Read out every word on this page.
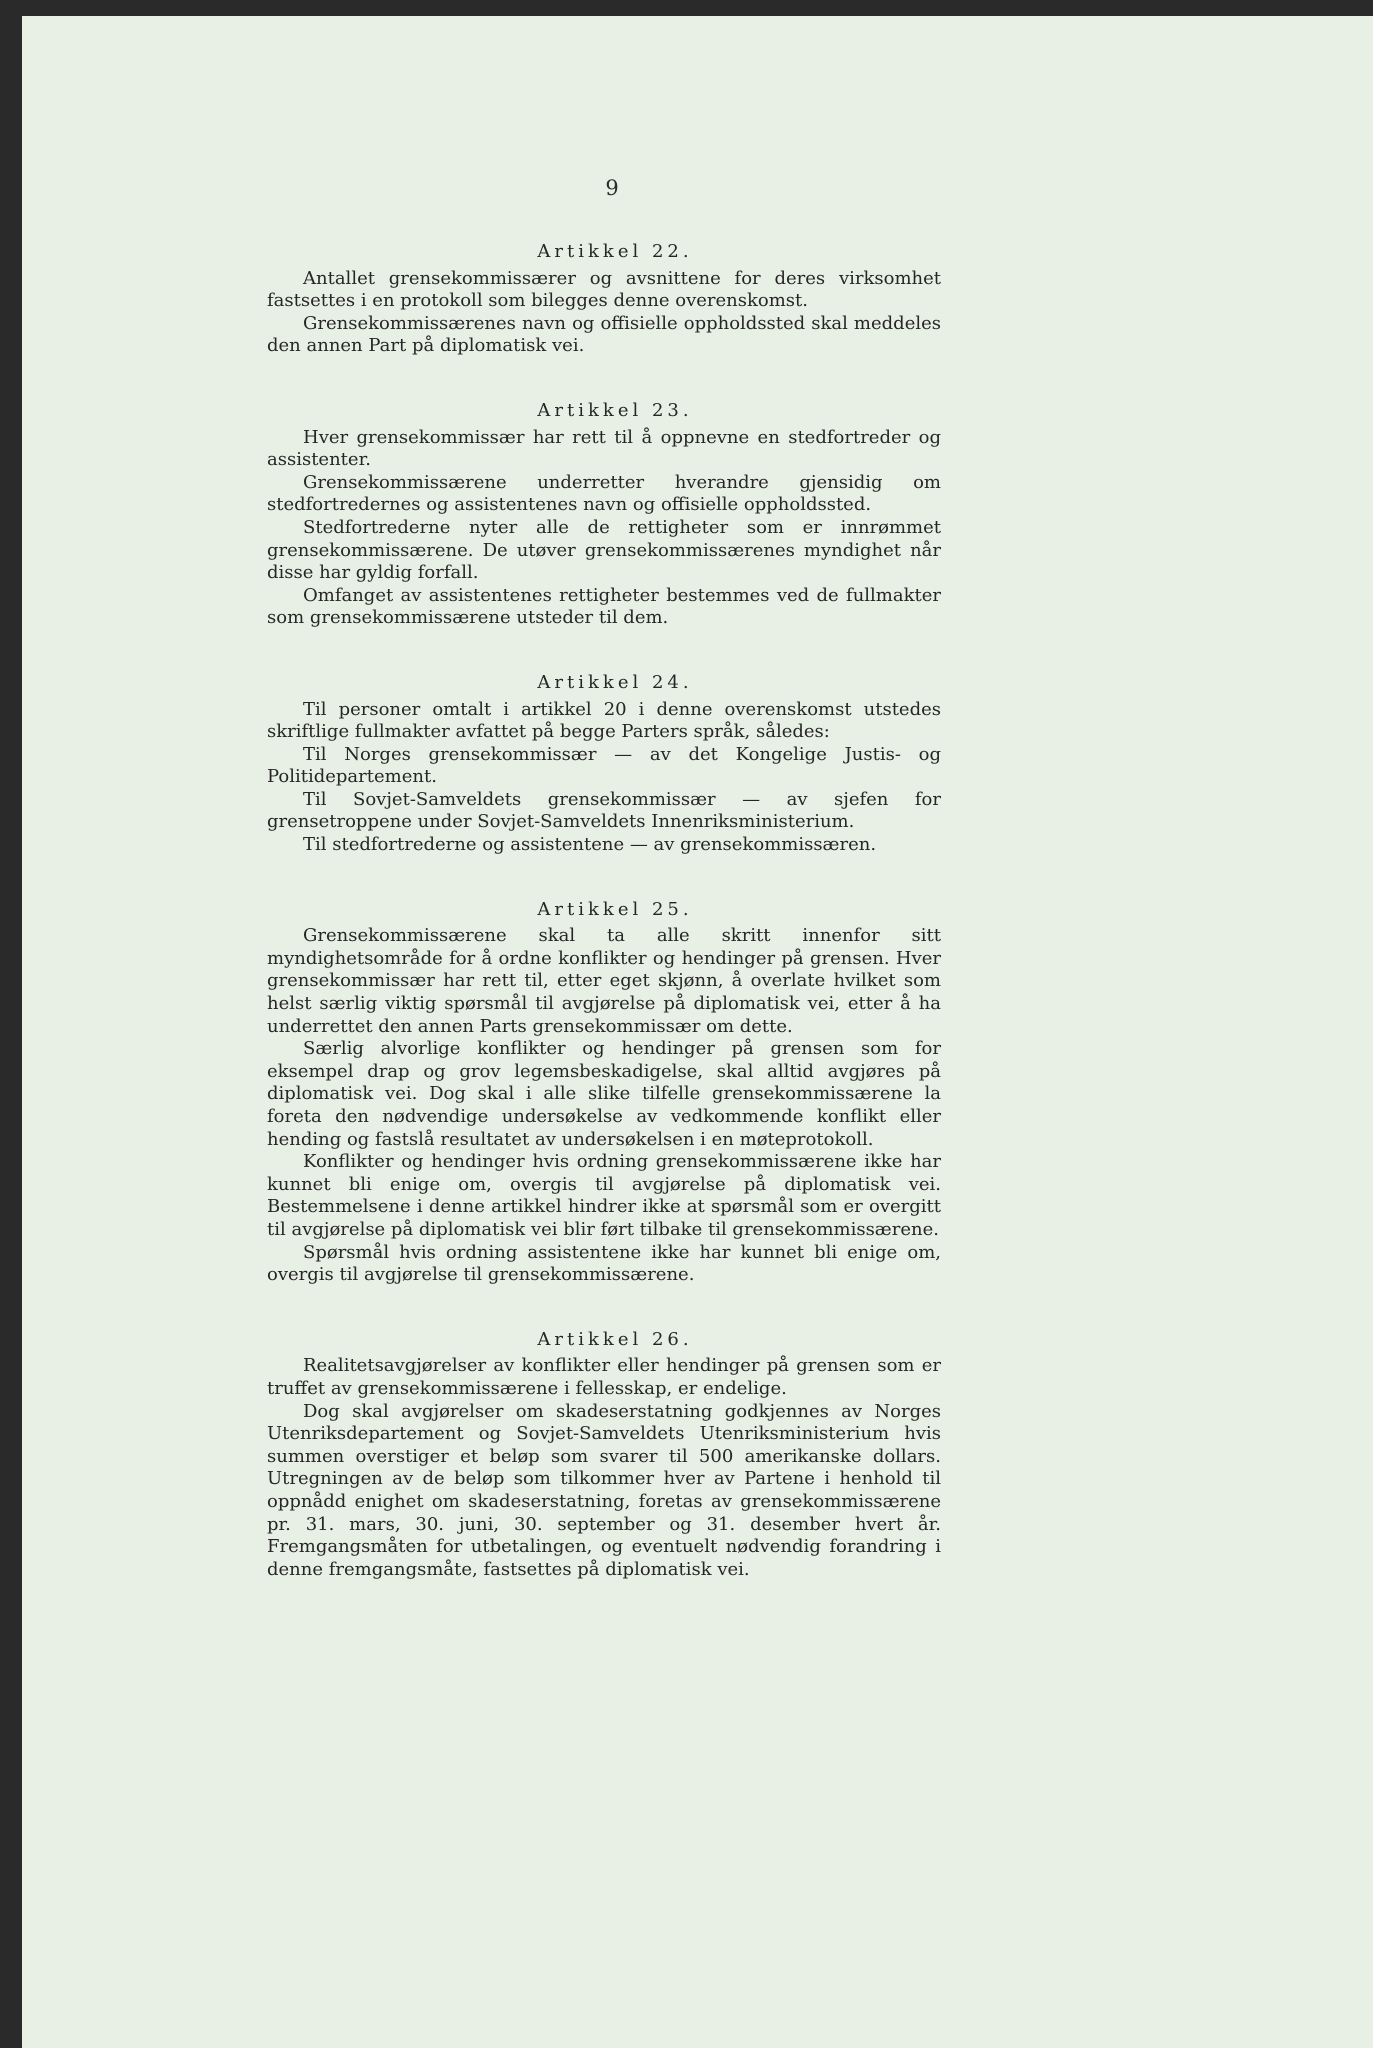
9
Artikkel 22.

Antallet grensekommissærer og avsnittene for deres virksomhet fastsettes i en protokoll som bilegges denne overenskomst.

Grensekommissærenes navn og offisielle oppholdssted skal meddeles den annen Part på diplomatisk vei.

Artikkel 23.

Hver grensekommissær har rett til å oppnevne en stedfortreder og assistenter.

Grensekommissærene underretter hverandre gjensidig om stedfortredernes og assistentenes navn og offisielle oppholdssted.

Stedfortrederne nyter alle de rettigheter som er innrømmet grensekommissærene. De utøver grensekommissærenes myndighet når disse har gyldig forfall.

Omfanget av assistentenes rettigheter bestemmes ved de fullmakter som grensekommissærene utsteder til dem.

Artikkel 24.

Til personer omtalt i artikkel 20 i denne overenskomst utstedes skriftlige fullmakter avfattet på begge Parters språk, således:

Til Norges grensekommissær — av det Kongelige Justis- og Politidepartement.

Til Sovjet-Samveldets grensekommissær — av sjefen for grensetroppene under Sovjet-Samveldets Innenriksministerium.

Til stedfortrederne og assistentene — av grensekommissæren.

Artikkel 25.

Grensekommissærene skal ta alle skritt innenfor sitt myndighetsområde for å ordne konflikter og hendinger på grensen. Hver grensekommissær har rett til, etter eget skjønn, å overlate hvilket som helst særlig viktig spørsmål til avgjørelse på diplomatisk vei, etter å ha underrettet den annen Parts grensekommissær om dette.

Særlig alvorlige konflikter og hendinger på grensen som for eksempel drap og grov legemsbeskadigelse, skal alltid avgjøres på diplomatisk vei. Dog skal i alle slike tilfelle grensekommissærene la foreta den nødvendige undersøkelse av vedkommende konflikt eller hending og fastslå resultatet av undersøkelsen i en møteprotokoll.

Konflikter og hendinger hvis ordning grensekommissærene ikke har kunnet bli enige om, overgis til avgjørelse på diplomatisk vei. Bestemmelsene i denne artikkel hindrer ikke at spørsmål som er overgitt til avgjørelse på diplomatisk vei blir ført tilbake til grensekommissærene.

Spørsmål hvis ordning assistentene ikke har kunnet bli enige om, overgis til avgjørelse til grensekommissærene.

Artikkel 26.

Realitetsavgjørelser av konflikter eller hendinger på grensen som er truffet av grensekommissærene i fellesskap, er endelige.

Dog skal avgjørelser om skadeserstatning godkjennes av Norges Utenriksdepartement og Sovjet-Samveldets Utenriksministerium hvis summen overstiger et beløp som svarer til 500 amerikanske dollars. Utregningen av de beløp som tilkommer hver av Partene i henhold til oppnådd enighet om skadeserstatning, foretas av grensekommissærene pr. 31. mars, 30. juni, 30. september og 31. desember hvert år. Fremgangsmåten for utbetalingen, og eventuelt nødvendig forandring i denne fremgangsmåte, fastsettes på diplomatisk vei.
